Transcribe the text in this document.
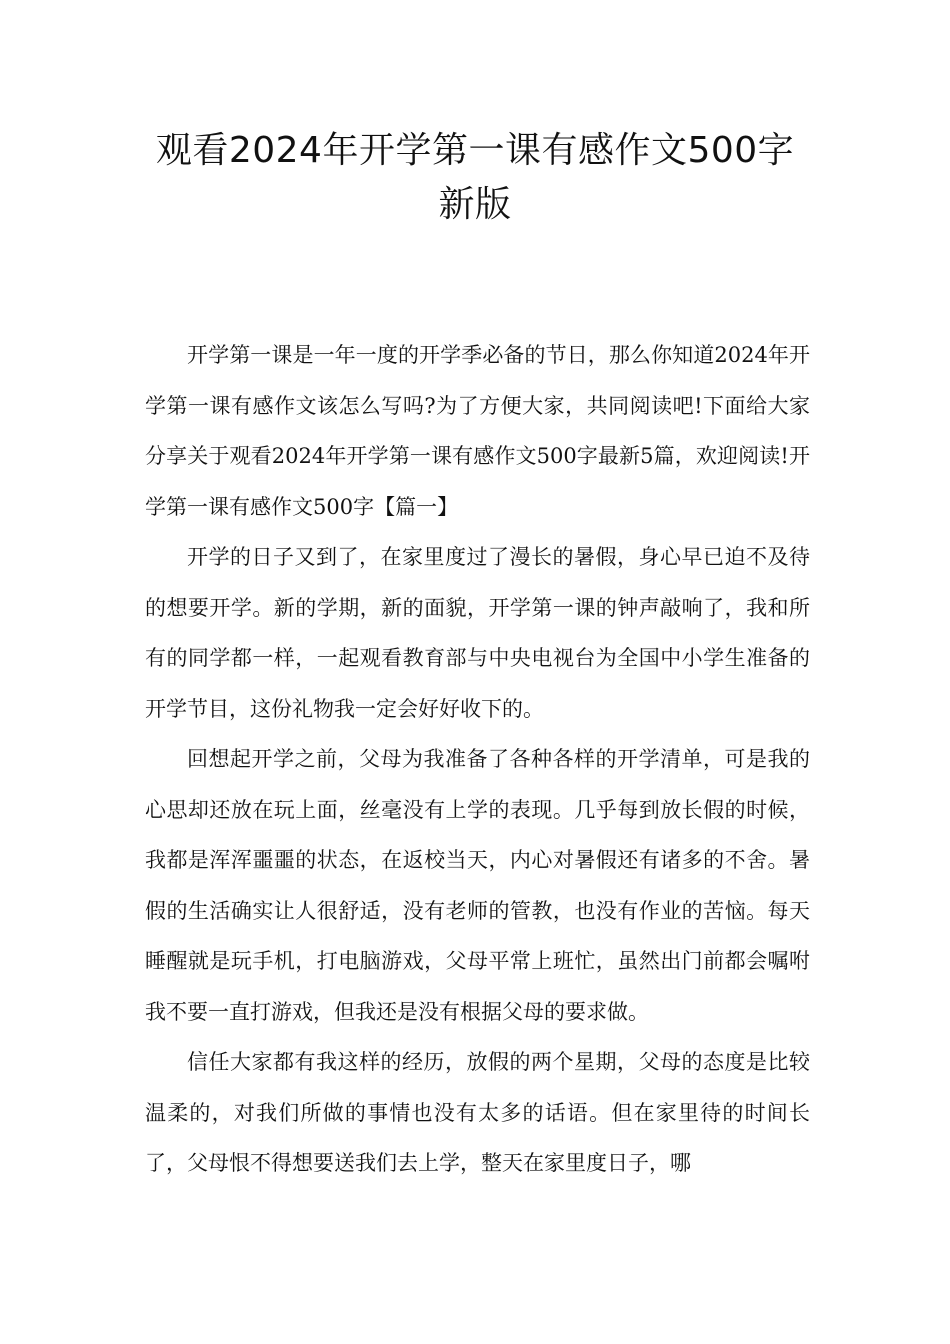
观看2024年开学第一课有感作文500字
新版

开学第一课是一年一度的开学季必备的节日，那么你知道2024年开学第一课有感作文该怎么写吗?为了方便大家，共同阅读吧!下面给大家分享关于观看2024年开学第一课有感作文500字最新5篇，欢迎阅读!开学第一课有感作文500字【篇一】

开学的日子又到了，在家里度过了漫长的暑假，身心早已迫不及待的想要开学。新的学期，新的面貌，开学第一课的钟声敲响了，我和所有的同学都一样，一起观看教育部与中央电视台为全国中小学生准备的开学节目，这份礼物我一定会好好收下的。

回想起开学之前，父母为我准备了各种各样的开学清单，可是我的心思却还放在玩上面，丝毫没有上学的表现。几乎每到放长假的时候，我都是浑浑噩噩的状态，在返校当天，内心对暑假还有诸多的不舍。暑假的生活确实让人很舒适，没有老师的管教，也没有作业的苦恼。每天睡醒就是玩手机，打电脑游戏，父母平常上班忙，虽然出门前都会嘱咐我不要一直打游戏，但我还是没有根据父母的要求做。

信任大家都有我这样的经历，放假的两个星期，父母的态度是比较温柔的，对我们所做的事情也没有太多的话语。但在家里待的时间长了，父母恨不得想要送我们去上学，整天在家里度日子，哪
